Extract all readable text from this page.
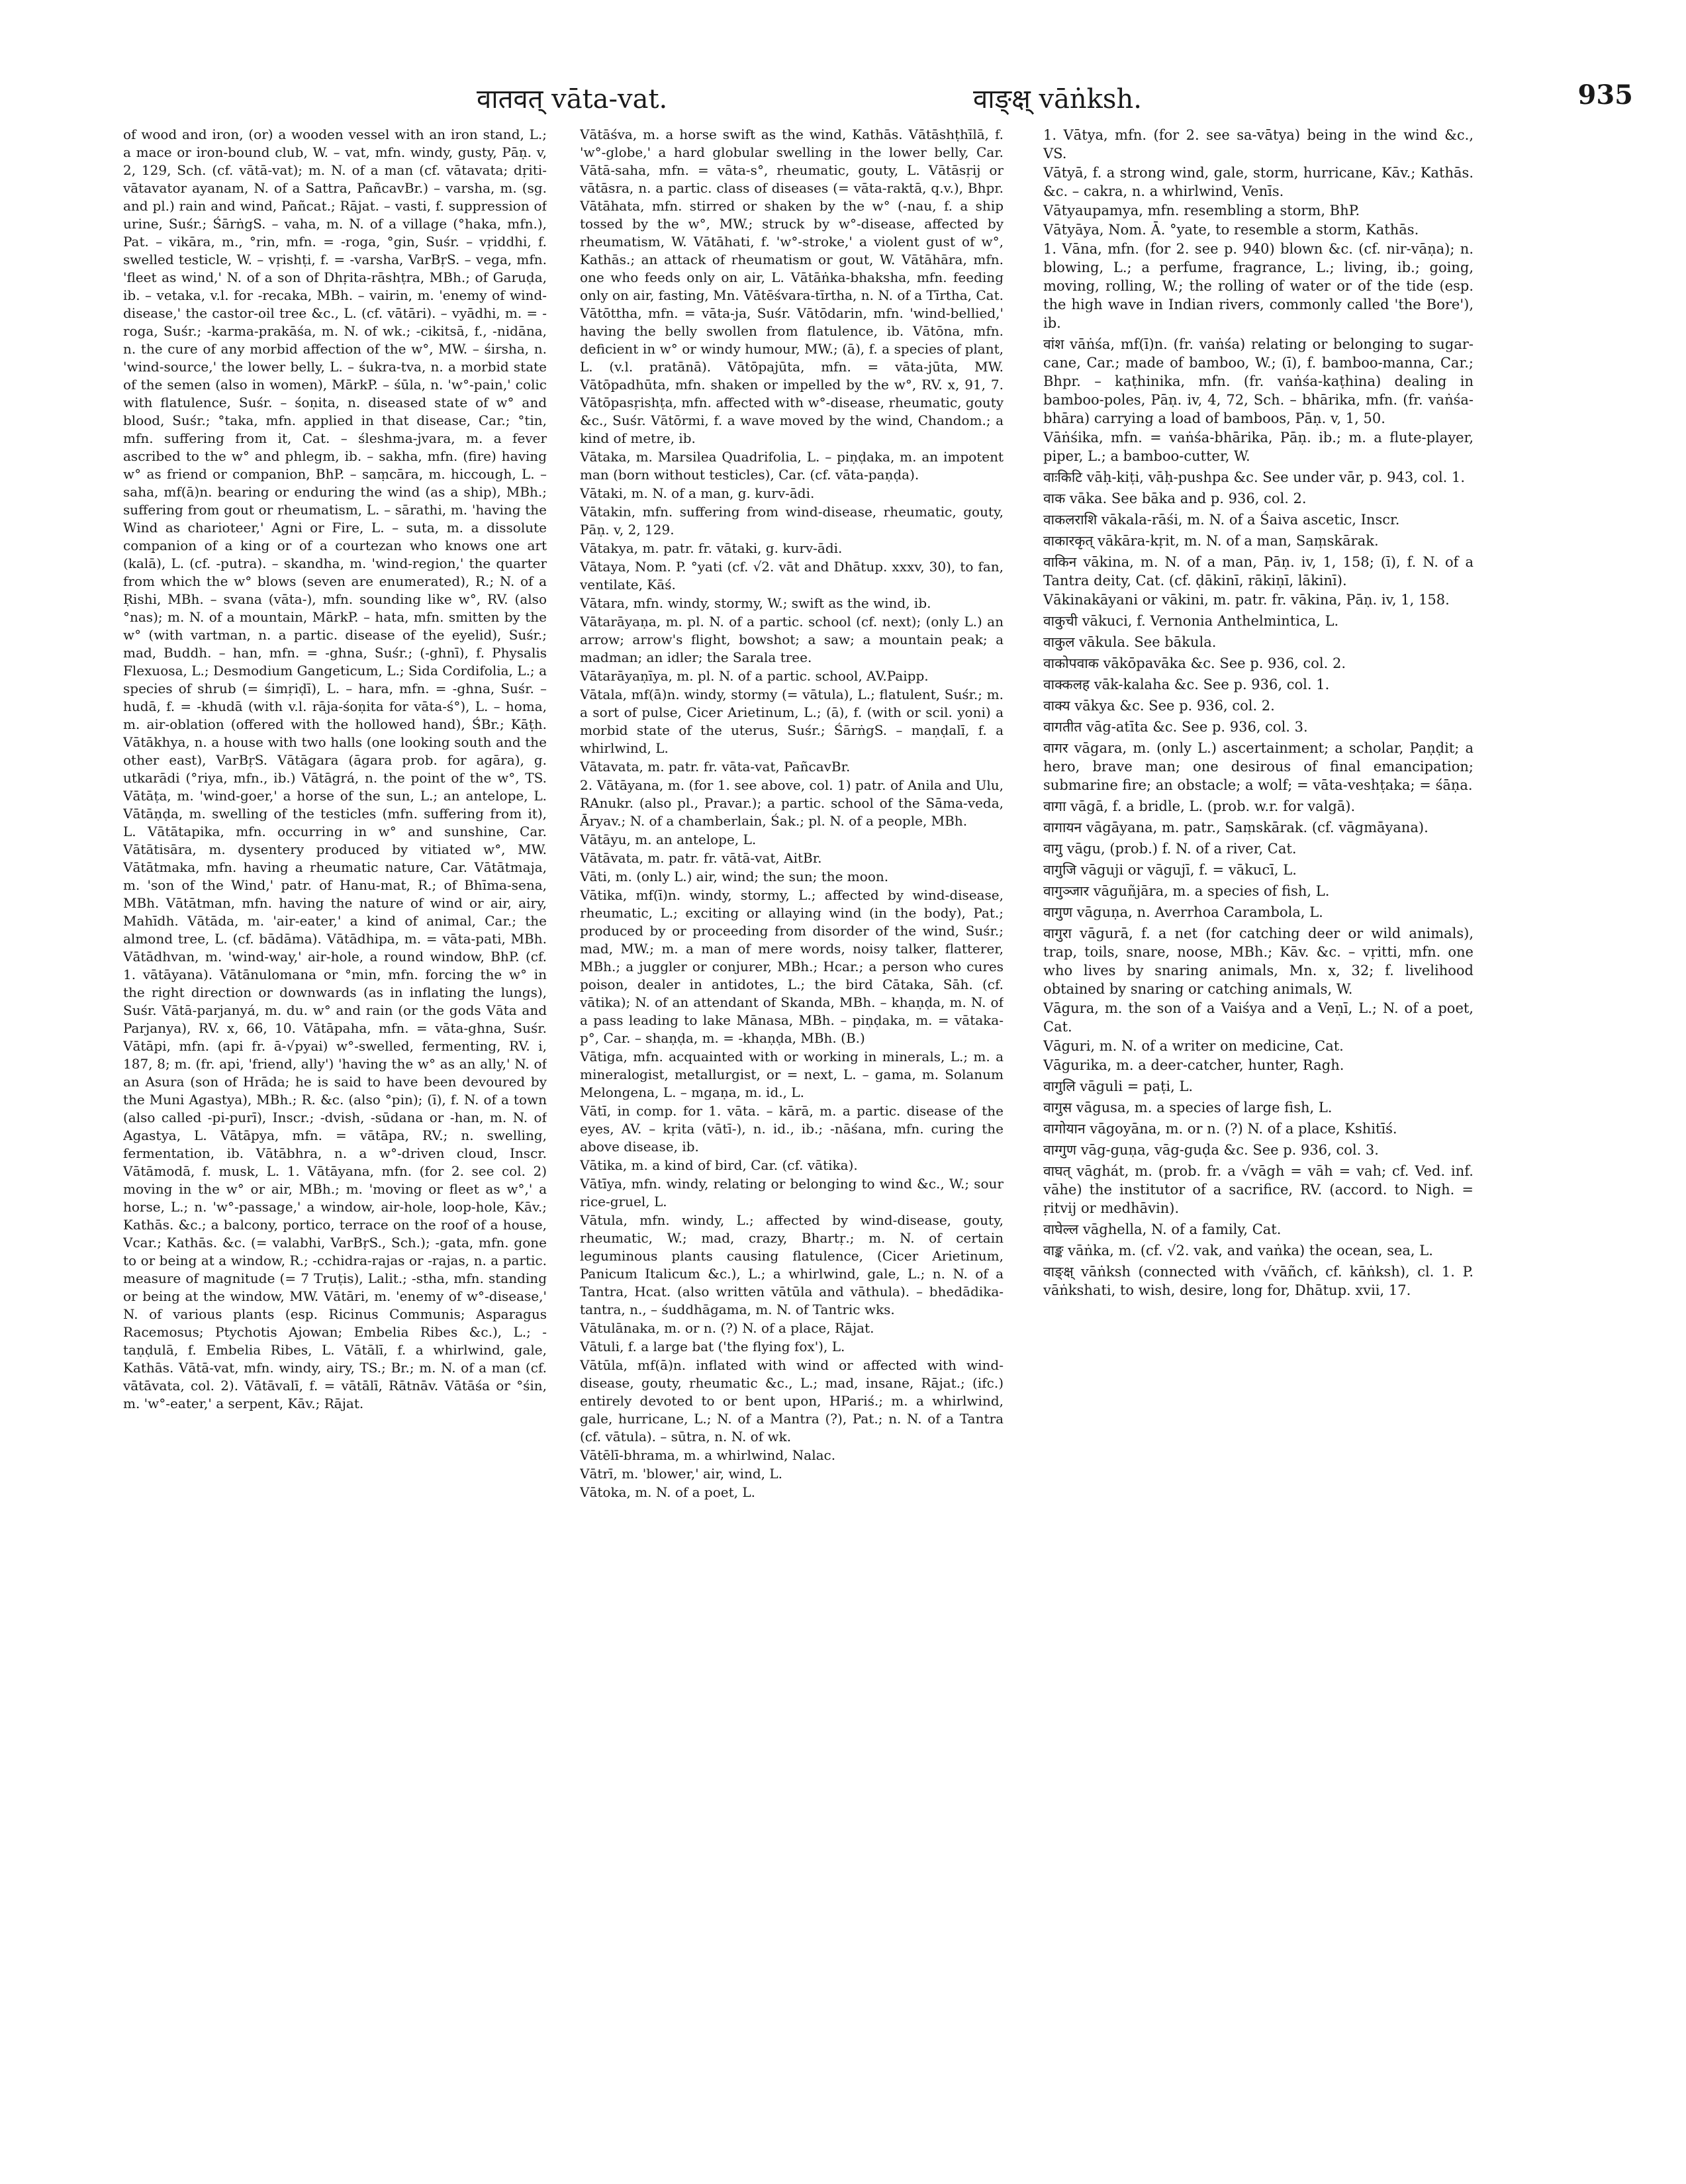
वातवत् vāta-vat.	वाङ्क्ष् vāṅksh.	935

of wood and iron, (or) a wooden vessel with an iron stand, L.; a mace or iron-bound club, W. – vat, mfn. windy, gusty, Pāṇ. v, 2, 129, Sch. (cf. vātā-vat); m. N. of a man (cf. vātavata; dṛiti-vātavator ayanam, N. of a Sattra, PañcavBr.) – varsha, m. (sg. and pl.) rain and wind, Pañcat.; Rājat. – vasti, f. suppression of urine, Suśr.; ŚārṅgS. – vaha, m. N. of a village (°haka, mfn.), Pat. – vikāra, m., °rin, mfn. = -roga, °gin, Suśr. – vṛiddhi, f. swelled testicle, W. – vṛishṭi, f. = -varsha, VarBṛS. – vega, mfn. 'fleet as wind,' N. of a son of Dhṛita-rāshṭra, MBh.; of Garuḍa, ib. – vetaka, v.l. for -recaka, MBh. – vairin, m. 'enemy of wind-disease,' the castor-oil tree &c., L. (cf. vātāri). – vyādhi, m. = -roga, Suśr.; -karma-prakāśa, m. N. of wk.; -cikitsā, f., -nidāna, n. the cure of any morbid affection of the w°, MW. – śirsha, n. 'wind-source,' the lower belly, L. – śukra-tva, n. a morbid state of the semen (also in women), MārkP. – śūla, n. 'w°-pain,' colic with flatulence, Suśr. – śoṇita, n. diseased state of w° and blood, Suśr.; °taka, mfn. applied in that disease, Car.; °tin, mfn. suffering from it, Cat. – śleshma-jvara, m. a fever ascribed to the w° and phlegm, ib. – sakha, mfn. (fire) having w° as friend or companion, BhP. – saṃcāra, m. hiccough, L. – saha, mf(ā)n. bearing or enduring the wind (as a ship), MBh.; suffering from gout or rheumatism, L. – sārathi, m. 'having the Wind as charioteer,' Agni or Fire, L. – suta, m. a dissolute companion of a king or of a courtezan who knows one art (kalā), L. (cf. -putra). – skandha, m. 'wind-region,' the quarter from which the w° blows (seven are enumerated), R.; N. of a Ṛishi, MBh. – svana (vāta-), mfn. sounding like w°, RV. (also °nas); m. N. of a mountain, MārkP. – hata, mfn. smitten by the w° (with vartman, n. a partic. disease of the eyelid), Suśr.; mad, Buddh. – han, mfn. = -ghna, Suśr.; (-ghnī), f. Physalis Flexuosa, L.; Desmodium Gangeticum, L.; Sida Cordifolia, L.; a species of shrub (= śimṛiḍī), L. – hara, mfn. = -ghna, Suśr. – hudā, f. = -khudā (with v.l. rāja-śoṇita for vāta-ś°), L. – homa, m. air-oblation (offered with the hollowed hand), ŚBr.; Kāṭh. Vātākhya, n. a house with two halls (one looking south and the other east), VarBṛS. Vātāgara (āgara prob. for agāra), g. utkarādi (°riya, mfn., ib.) Vātāgrá, n. the point of the w°, TS. Vātāṭa, m. 'wind-goer,' a horse of the sun, L.; an antelope, L. Vātāṇḍa, m. swelling of the testicles (mfn. suffering from it), L. Vātātapika, mfn. occurring in w° and sunshine, Car. Vātātisāra, m. dysentery produced by vitiated w°, MW. Vātātmaka, mfn. having a rheumatic nature, Car. Vātātmaja, m. 'son of the Wind,' patr. of Hanu-mat, R.; of Bhīma-sena, MBh. Vātātman, mfn. having the nature of wind or air, airy, Mahīdh. Vātāda, m. 'air-eater,' a kind of animal, Car.; the almond tree, L. (cf. bādāma). Vātādhipa, m. = vāta-pati, MBh. Vātādhvan, m. 'wind-way,' air-hole, a round window, BhP. (cf. 1. vātāyana). Vātānulomana or °min, mfn. forcing the w° in the right direction or downwards (as in inflating the lungs), Suśr. Vātā-parjanyá, m. du. w° and rain (or the gods Vāta and Parjanya), RV. x, 66, 10. Vātāpaha, mfn. = vāta-ghna, Suśr. Vātāpi, mfn. (api fr. ā-√pyai) w°-swelled, fermenting, RV. i, 187, 8; m. (fr. api, 'friend, ally') 'having the w° as an ally,' N. of an Asura (son of Hrāda; he is said to have been devoured by the Muni Agastya), MBh.; R. &c. (also °pin); (ī), f. N. of a town (also called -pi-purī), Inscr.; -dvish, -sūdana or -han, m. N. of Agastya, L. Vātāpya, mfn. = vātāpa, RV.; n. swelling, fermentation, ib. Vātābhra, n. a w°-driven cloud, Inscr. Vātāmodā, f. musk, L. 1. Vātāyana, mfn. (for 2. see col. 2) moving in the w° or air, MBh.; m. 'moving or fleet as w°,' a horse, L.; n. 'w°-passage,' a window, air-hole, loop-hole, Kāv.; Kathās. &c.; a balcony, portico, terrace on the roof of a house, Vcar.; Kathās. &c. (= valabhi, VarBṛS., Sch.); -gata, mfn. gone to or being at a window, R.; -cchidra-rajas or -rajas, n. a partic. measure of magnitude (= 7 Truṭis), Lalit.; -stha, mfn. standing or being at the window, MW. Vātāri, m. 'enemy of w°-disease,' N. of various plants (esp. Ricinus Communis; Asparagus Racemosus; Ptychotis Ajowan; Embelia Ribes &c.), L.; -taṇḍulā, f. Embelia Ribes, L. Vātālī, f. a whirlwind, gale, Kathās. Vātā-vat, mfn. windy, airy, TS.; Br.; m. N. of a man (cf. vātāvata, col. 2). Vātāvalī, f. = vātālī, Rātnāv. Vātāśa or °śin, m. 'w°-eater,' a serpent, Kāv.; Rājat.

Vātāśva, m. a horse swift as the wind, Kathās. Vātāshṭhīlā, f. 'w°-globe,' a hard globular swelling in the lower belly, Car. Vātā-saha, mfn. = vāta-s°, rheumatic, gouty, L. Vātāsṛij or vātāsra, n. a partic. class of diseases (= vāta-raktā, q.v.), Bhpr. Vātāhata, mfn. stirred or shaken by the w° (-nau, f. a ship tossed by the w°, MW.; struck by w°-disease, affected by rheumatism, W. Vātāhati, f. 'w°-stroke,' a violent gust of w°, Kathās.; an attack of rheumatism or gout, W. Vātāhāra, mfn. one who feeds only on air, L. Vātāṅka-bhaksha, mfn. feeding only on air, fasting, Mn. Vātēśvara-tīrtha, n. N. of a Tīrtha, Cat. Vātōttha, mfn. = vāta-ja, Suśr. Vātōdarin, mfn. 'wind-bellied,' having the belly swollen from flatulence, ib. Vātōna, mfn. deficient in w° or windy humour, MW.; (ā), f. a species of plant, L. (v.l. pratānā). Vātōpajūta, mfn. = vāta-jūta, MW. Vātōpadhūta, mfn. shaken or impelled by the w°, RV. x, 91, 7. Vātōpasṛishṭa, mfn. affected with w°-disease, rheumatic, gouty &c., Suśr. Vātōrmi, f. a wave moved by the wind, Chandom.; a kind of metre, ib.

Vātaka, m. Marsilea Quadrifolia, L. – piṇḍaka, m. an impotent man (born without testicles), Car. (cf. vāta-paṇḍa).

Vātaki, m. N. of a man, g. kurv-ādi.

Vātakin, mfn. suffering from wind-disease, rheumatic, gouty, Pāṇ. v, 2, 129.

Vātakya, m. patr. fr. vātaki, g. kurv-ādi.

Vātaya, Nom. P. °yati (cf. √2. vāt and Dhātup. xxxv, 30), to fan, ventilate, Kāś.

Vātara, mfn. windy, stormy, W.; swift as the wind, ib.

Vātarāyaṇa, m. pl. N. of a partic. school (cf. next); (only L.) an arrow; arrow's flight, bowshot; a saw; a mountain peak; a madman; an idler; the Sarala tree.

Vātarāyaṇīya, m. pl. N. of a partic. school, AV.Paipp.

Vātala, mf(ā)n. windy, stormy (= vātula), L.; flatulent, Suśr.; m. a sort of pulse, Cicer Arietinum, L.; (ā), f. (with or scil. yoni) a morbid state of the uterus, Suśr.; ŚārṅgS. – maṇḍalī, f. a whirlwind, L.

Vātavata, m. patr. fr. vāta-vat, PañcavBr.

2. Vātāyana, m. (for 1. see above, col. 1) patr. of Anila and Ulu, RAnukr. (also pl., Pravar.); a partic. school of the Sāma-veda, Āryav.; N. of a chamberlain, Śak.; pl. N. of a people, MBh.

Vātāyu, m. an antelope, L.

Vātāvata, m. patr. fr. vātā-vat, AitBr.

Vāti, m. (only L.) air, wind; the sun; the moon.

Vātika, mf(ī)n. windy, stormy, L.; affected by wind-disease, rheumatic, L.; exciting or allaying wind (in the body), Pat.; produced by or proceeding from disorder of the wind, Suśr.; mad, MW.; m. a man of mere words, noisy talker, flatterer, MBh.; a juggler or conjurer, MBh.; Hcar.; a person who cures poison, dealer in antidotes, L.; the bird Cātaka, Sāh. (cf. vātika); N. of an attendant of Skanda, MBh. – khaṇḍa, m. N. of a pass leading to lake Mānasa, MBh. – piṇḍaka, m. = vātaka-p°, Car. – shaṇḍa, m. = -khaṇḍa, MBh. (B.)

Vātiga, mfn. acquainted with or working in minerals, L.; m. a mineralogist, metallurgist, or = next, L. – gama, m. Solanum Melongena, L. – mgaṇa, m. id., L.

Vātī, in comp. for 1. vāta. – kārā, m. a partic. disease of the eyes, AV. – kṛita (vātī-), n. id., ib.; -nāśana, mfn. curing the above disease, ib.

Vātika, m. a kind of bird, Car. (cf. vātika).

Vātīya, mfn. windy, relating or belonging to wind &c., W.; sour rice-gruel, L.

Vātula, mfn. windy, L.; affected by wind-disease, gouty, rheumatic, W.; mad, crazy, Bhartṛ.; m. N. of certain leguminous plants causing flatulence, (Cicer Arietinum, Panicum Italicum &c.), L.; a whirlwind, gale, L.; n. N. of a Tantra, Hcat. (also written vātūla and vāthula). – bhedādika-tantra, n., – śuddhāgama, m. N. of Tantric wks.

Vātulānaka, m. or n. (?) N. of a place, Rājat.

Vātuli, f. a large bat ('the flying fox'), L.

Vātūla, mf(ā)n. inflated with wind or affected with wind-disease, gouty, rheumatic &c., L.; mad, insane, Rājat.; (ifc.) entirely devoted to or bent upon, HPariś.; m. a whirlwind, gale, hurricane, L.; N. of a Mantra (?), Pat.; n. N. of a Tantra (cf. vātula). – sūtra, n. N. of wk.

Vātēlī-bhrama, m. a whirlwind, Nalac.

Vātrī, m. 'blower,' air, wind, L.

Vātoka, m. N. of a poet, L.

1. Vātya, mfn. (for 2. see sa-vātya) being in the wind &c., VS.

Vātyā, f. a strong wind, gale, storm, hurricane, Kāv.; Kathās. &c. – cakra, n. a whirlwind, Venīs.

Vātyaupamya, mfn. resembling a storm, BhP.

Vātyāya, Nom. Ā. °yate, to resemble a storm, Kathās.

1. Vāna, mfn. (for 2. see p. 940) blown &c. (cf. nir-vāṇa); n. blowing, L.; a perfume, fragrance, L.; living, ib.; going, moving, rolling, W.; the rolling of water or of the tide (esp. the high wave in Indian rivers, commonly called 'the Bore'), ib.

वांश vāṅśa, mf(ī)n. (fr. vaṅśa) relating or belonging to sugar-cane, Car.; made of bamboo, W.; (ī), f. bamboo-manna, Car.; Bhpr. – kaṭhinika, mfn. (fr. vaṅśa-kaṭhina) dealing in bamboo-poles, Pāṇ. iv, 4, 72, Sch. – bhārika, mfn. (fr. vaṅśa-bhāra) carrying a load of bamboos, Pāṇ. v, 1, 50.

Vāṅśika, mfn. = vaṅśa-bhārika, Pāṇ. ib.; m. a flute-player, piper, L.; a bamboo-cutter, W.

वाःकिटि vāḥ-kiṭi, vāḥ-pushpa &c. See under vār, p. 943, col. 1.

वाक vāka. See bāka and p. 936, col. 2.

वाकलराशि vākala-rāśi, m. N. of a Śaiva ascetic, Inscr.

वाकारकृत् vākāra-kṛit, m. N. of a man, Saṃskārak.

वाकिन vākina, m. N. of a man, Pāṇ. iv, 1, 158; (ī), f. N. of a Tantra deity, Cat. (cf. ḍākinī, rākiṇī, lākinī).

Vākinakāyani or vākini, m. patr. fr. vākina, Pāṇ. iv, 1, 158.

वाकुची vākuci, f. Vernonia Anthelmintica, L.

वाकुल vākula. See bākula.

वाकोपवाक vākōpavāka &c. See p. 936, col. 2.

वाक्कलह vāk-kalaha &c. See p. 936, col. 1.

वाक्य vākya &c. See p. 936, col. 2.

वागतीत vāg-atīta &c. See p. 936, col. 3.

वागर vāgara, m. (only L.) ascertainment; a scholar, Paṇḍit; a hero, brave man; one desirous of final emancipation; submarine fire; an obstacle; a wolf; = vāta-veshṭaka; = śāṇa.

वागा vāgā, f. a bridle, L. (prob. w.r. for valgā).

वागायन vāgāyana, m. patr., Saṃskārak. (cf. vāgmāyana).

वागु vāgu, (prob.) f. N. of a river, Cat.

वागुजि vāguji or vāgujī, f. = vākucī, L.

वागुञ्जार vāguñjāra, m. a species of fish, L.

वागुण vāguṇa, n. Averrhoa Carambola, L.

वागुरा vāgurā, f. a net (for catching deer or wild animals), trap, toils, snare, noose, MBh.; Kāv. &c. – vṛitti, mfn. one who lives by snaring animals, Mn. x, 32; f. livelihood obtained by snaring or catching animals, W.

Vāgura, m. the son of a Vaiśya and a Veṇī, L.; N. of a poet, Cat.

Vāguri, m. N. of a writer on medicine, Cat.

Vāgurika, m. a deer-catcher, hunter, Ragh.

वागुलि vāguli = paṭi, L.

वागुस vāgusa, m. a species of large fish, L.

वागोयान vāgoyāna, m. or n. (?) N. of a place, Kshitīś.

वाग्गुण vāg-guṇa, vāg-guḍa &c. See p. 936, col. 3.

वाघत् vāghát, m. (prob. fr. a √vāgh = vāh = vah; cf. Ved. inf. vāhe) the institutor of a sacrifice, RV. (accord. to Nigh. = ṛitvij or medhāvin).

वाघेल्ल vāghella, N. of a family, Cat.

वाङ्क vāṅka, m. (cf. √2. vak, and vaṅka) the ocean, sea, L.

वाङ्क्ष् vāṅksh (connected with √vāñch, cf. kāṅksh), cl. 1. P. vāṅkshati, to wish, desire, long for, Dhātup. xvii, 17.
